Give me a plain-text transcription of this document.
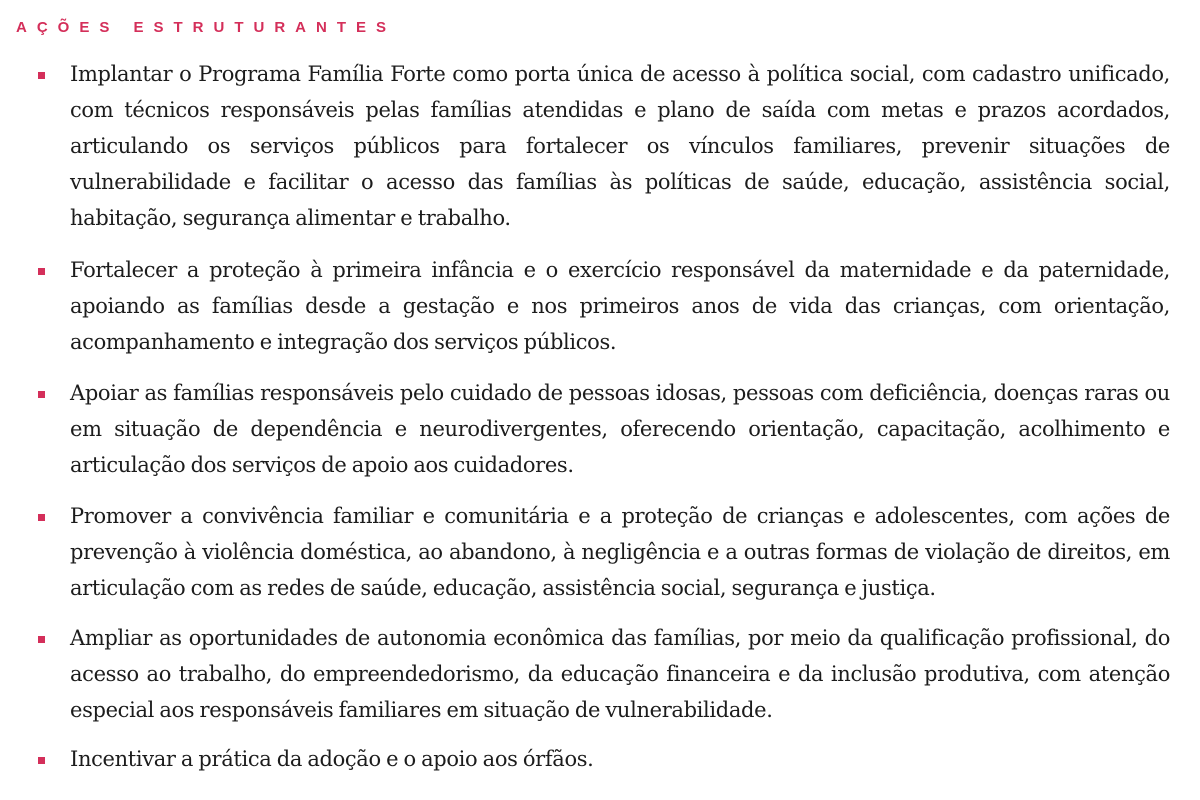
AÇÕES ESTRUTURANTES

Implantar o Programa Família Forte como porta única de acesso à política social, com cadastro unificado, com técnicos responsáveis pelas famílias atendidas e plano de saída com metas e prazos acordados, articulando os serviços públicos para fortalecer os vínculos familiares, prevenir situações de vulnerabilidade e facilitar o acesso das famílias às políticas de saúde, educação, assistência social, habitação, segurança alimentar e trabalho.

Fortalecer a proteção à primeira infância e o exercício responsável da maternidade e da paternidade, apoiando as famílias desde a gestação e nos primeiros anos de vida das crianças, com orientação, acompanhamento e integração dos serviços públicos.

Apoiar as famílias responsáveis pelo cuidado de pessoas idosas, pessoas com deficiência, doenças raras ou em situação de dependência e neurodivergentes, oferecendo orientação, capacitação, acolhimento e articulação dos serviços de apoio aos cuidadores.

Promover a convivência familiar e comunitária e a proteção de crianças e adolescentes, com ações de prevenção à violência doméstica, ao abandono, à negligência e a outras formas de violação de direitos, em articulação com as redes de saúde, educação, assistência social, segurança e justiça.

Ampliar as oportunidades de autonomia econômica das famílias, por meio da qualificação profissional, do acesso ao trabalho, do empreendedorismo, da educação financeira e da inclusão produtiva, com atenção especial aos responsáveis familiares em situação de vulnerabilidade.

Incentivar a prática da adoção e o apoio aos órfãos.
